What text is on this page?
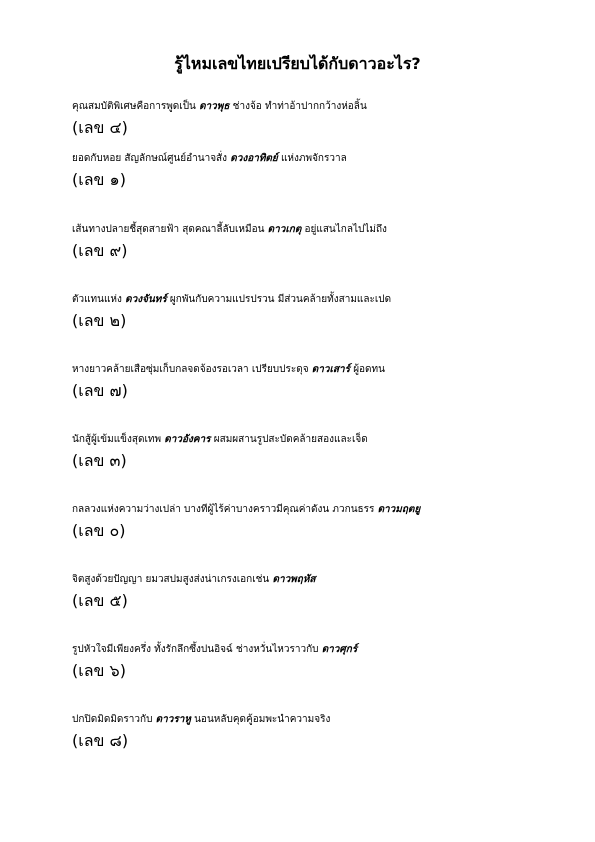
รู้ไหมเลขไทยเปรียบได้กับดาวอะไร?
คุณสมบัติพิเศษคือการพูดเป็น ดาวพุธ ช่างจ้อ ทำท่าอ้าปากกว้างห่อลิ้น
(เลข ๔)
ยอดกับหอย สัญลักษณ์ศูนย์อำนาจสั่ง ดวงอาทิตย์ แห่งภพจักรวาล
(เลข ๑)
เส้นทางปลายชี้สุดสายฟ้า สุดคณาลี้ลับเหมือน ดาวเกตุ อยู่แสนไกลไปไม่ถึง
(เลข ๙)
ตัวแทนแห่ง ดวงจันทร์ ผูกพันกับความแปรปรวน มีส่วนคล้ายทั้งสามและเปด
(เลข ๒)
หางยาวคล้ายเสือซุ่มเก็บกลจดจ้องรอเวลา เปรียบประดุจ ดาวเสาร์ ผู้อดทน
(เลข ๗)
นักสู้ผู้เข้มแข็งสุดเทพ ดาวอังคาร ผสมผสานรูปสะบัดคล้ายสองและเจ็ด
(เลข ๓)
กลลวงแห่งความว่างเปล่า บางทีผู้ไร้ค่าบางคราวมีคุณค่าดังน ภวกนธรร ดาวมฤตยู
(เลข ๐)
จิตสูงด้วยปัญญา ยมวสปมสูงส่งน่าเกรงเอกเช่น ดาวพฤหัส
(เลข ๕)
รูปหัวใจมีเพียงครึ่ง ทั้งรักลึกซึ้งปนอิจฉ์ ช่างหวั่นไหวราวกับ ดาวศุกร์
(เลข ๖)
ปกปิดมิดมิดราวกับ ดาวราหู นอนหลับคุดคู้อมพะนำความจริง
(เลข ๘)
